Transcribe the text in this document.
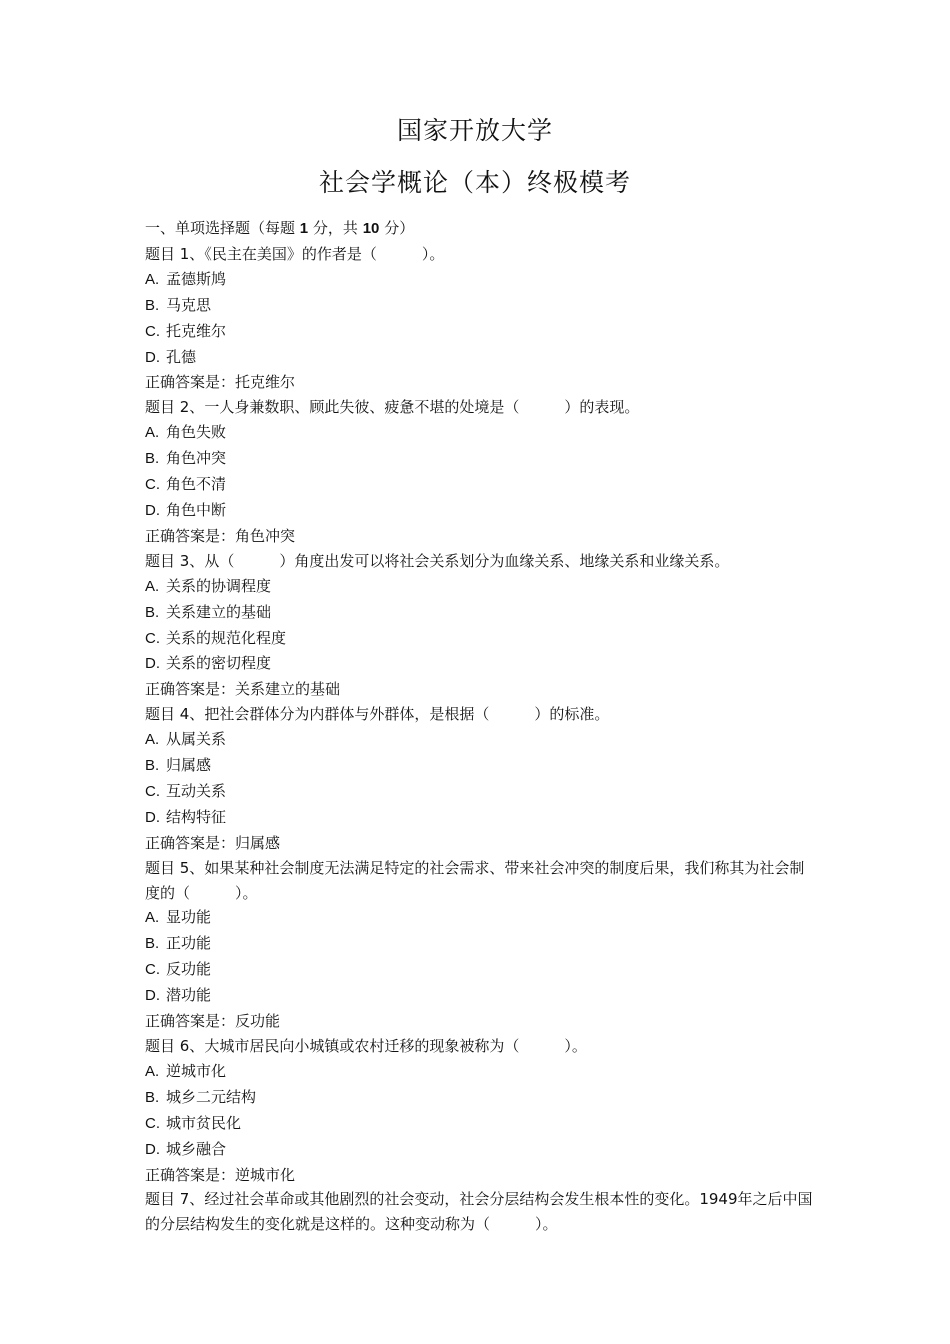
国家开放大学
社会学概论（本）终极模考
一、单项选择题（每题 1 分，共 10 分）
题目 1、《民主在美国》的作者是（　　　）。
A. 孟德斯鸠
B. 马克思
C. 托克维尔
D. 孔德
正确答案是：托克维尔
题目 2、一人身兼数职、顾此失彼、疲惫不堪的处境是（　　　）的表现。
A. 角色失败
B. 角色冲突
C. 角色不清
D. 角色中断
正确答案是：角色冲突
题目 3、从（　　　）角度出发可以将社会关系划分为血缘关系、地缘关系和业缘关系。
A. 关系的协调程度
B. 关系建立的基础
C. 关系的规范化程度
D. 关系的密切程度
正确答案是：关系建立的基础
题目 4、把社会群体分为内群体与外群体，是根据（　　　）的标准。
A. 从属关系
B. 归属感
C. 互动关系
D. 结构特征
正确答案是：归属感
题目 5、如果某种社会制度无法满足特定的社会需求、带来社会冲突的制度后果，我们称其为社会制度的（　　　）。
A. 显功能
B. 正功能
C. 反功能
D. 潜功能
正确答案是：反功能
题目 6、大城市居民向小城镇或农村迁移的现象被称为（　　　）。
A. 逆城市化
B. 城乡二元结构
C. 城市贫民化
D. 城乡融合
正确答案是：逆城市化
题目 7、经过社会革命或其他剧烈的社会变动，社会分层结构会发生根本性的变化。1949年之后中国的分层结构发生的变化就是这样的。这种变动称为（　　　）。
